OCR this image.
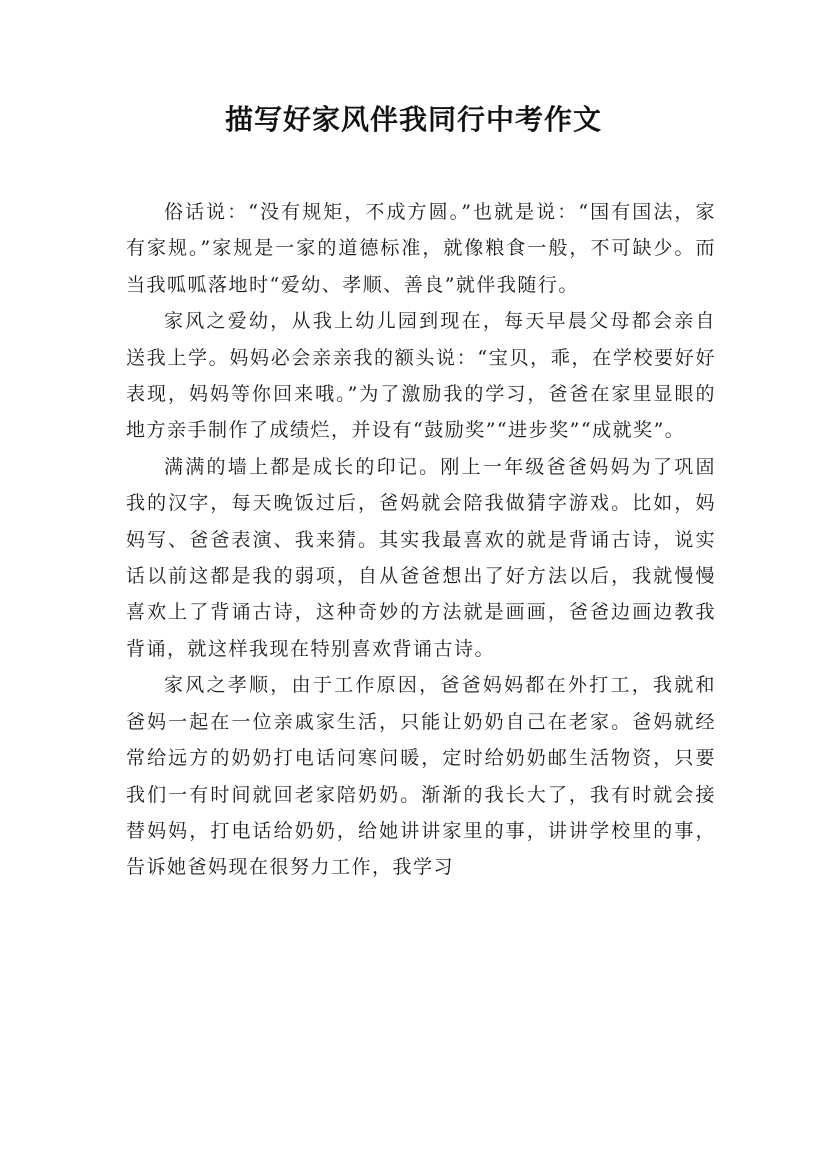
描写好家风伴我同行中考作文

俗话说：“没有规矩，不成方圆。”也就是说：“国有国法，家有家规。”家规是一家的道德标准，就像粮食一般，不可缺少。而当我呱呱落地时“爱幼、孝顺、善良”就伴我随行。

家风之爱幼，从我上幼儿园到现在，每天早晨父母都会亲自送我上学。妈妈必会亲亲我的额头说：“宝贝，乖，在学校要好好表现，妈妈等你回来哦。”为了激励我的学习，爸爸在家里显眼的地方亲手制作了成绩烂，并设有“鼓励奖”“进步奖”“成就奖”。

满满的墙上都是成长的印记。刚上一年级爸爸妈妈为了巩固我的汉字，每天晚饭过后，爸妈就会陪我做猜字游戏。比如，妈妈写、爸爸表演、我来猜。其实我最喜欢的就是背诵古诗，说实话以前这都是我的弱项，自从爸爸想出了好方法以后，我就慢慢喜欢上了背诵古诗，这种奇妙的方法就是画画，爸爸边画边教我背诵，就这样我现在特别喜欢背诵古诗。

家风之孝顺，由于工作原因，爸爸妈妈都在外打工，我就和爸妈一起在一位亲戚家生活，只能让奶奶自己在老家。爸妈就经常给远方的奶奶打电话问寒问暖，定时给奶奶邮生活物资，只要我们一有时间就回老家陪奶奶。渐渐的我长大了，我有时就会接替妈妈，打电话给奶奶，给她讲讲家里的事，讲讲学校里的事，告诉她爸妈现在很努力工作，我学习
